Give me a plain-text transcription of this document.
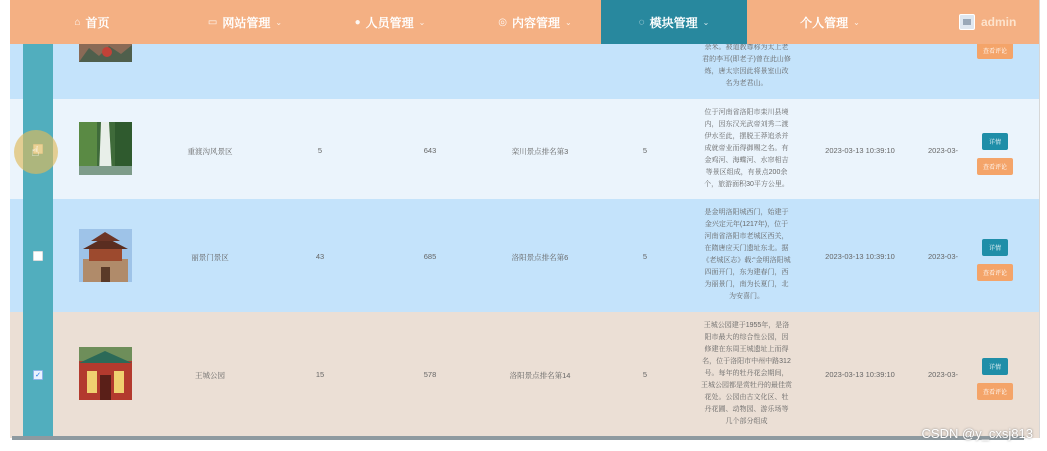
余米。被道教尊称为太上老
君的李耳(即老子)曾在此山修
炼，唐太宗因此将景室山改
名为老君山。
查看评论
重渡沟风景区	5	643	栾川景点排名第3	5
位于河南省洛阳市栾川县境
内，因东汉光武帝刘秀二渡
伊水至此，摆脱王莽追杀并
成就帝业而得御赐之名。有
金鸡河、海蝶河、水帘相吉
等景区组成，有景点200余
个，旅游面积30平方公里。
2023-03-13 10:39:10	2023-03-
详情
查看评论
丽景门景区	43	685	洛阳景点排名第6	5
是金明洛阳城西门，始建于
金兴定元年(1217年)，位于
河南省洛阳市老城区西关，
在隋唐应天门遗址东北。据
《老城区志》载:“金明洛阳城
四面开门，东为建春门，西
为丽景门，南为长夏门，北
为安喜门。
2023-03-13 10:39:10	2023-03-
详情
查看评论
✓	王城公园	15	578	洛阳景点排名第14	5
王城公园建于1955年，是洛
阳市最大的综合性公园，因
修建在东周王城遗址上而得
名，位于洛阳市中州中路312
号。每年的牡丹花会期间，
王城公园都是赏牡丹的最佳赏
花处。公园由古文化区、牡
丹花圃、动物园、游乐场等
几个部分组成
2023-03-13 10:39:10	2023-03-
详情
查看评论
⌂ 首页	▭ 网站管理 ⌄	● 人员管理 ⌄	◎ 内容管理 ⌄	◌ 模块管理 ⌄	个人管理 ⌄	admin
☝
CSDN @y_cxsj813
